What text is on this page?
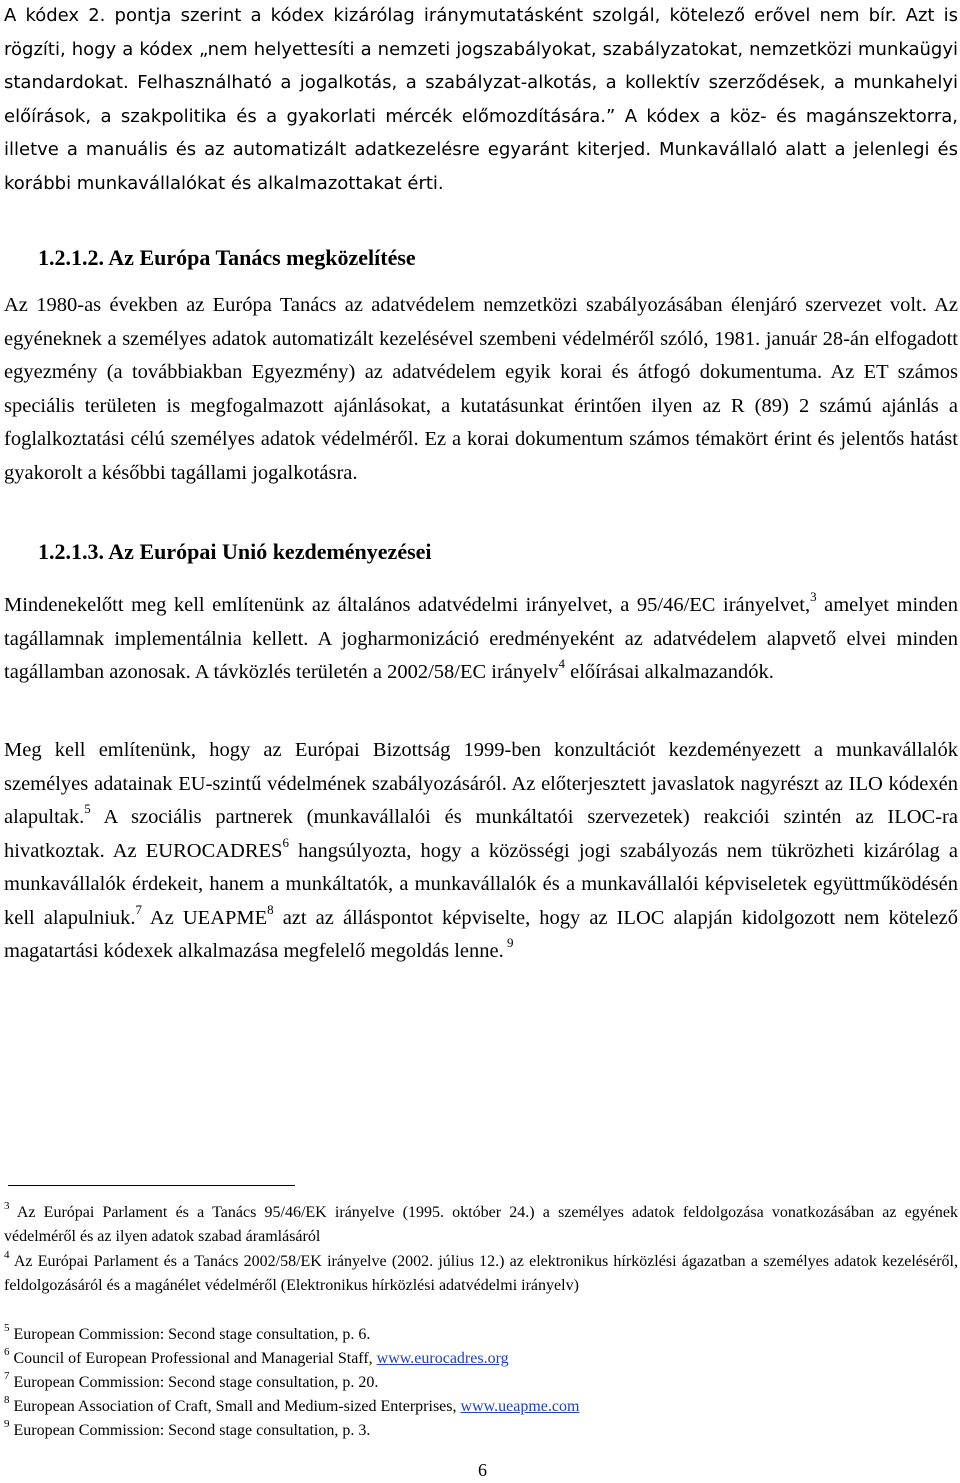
A kódex 2. pontja szerint a kódex kizárólag iránymutatásként szolgál, kötelező erővel nem bír. Azt is rögzíti, hogy a kódex „nem helyettesíti a nemzeti jogszabályokat, szabályzatokat, nemzetközi munkaügyi standardokat. Felhasználható a jogalkotás, a szabályzat-alkotás, a kollektív szerződések, a munkahelyi előírások, a szakpolitika és a gyakorlati mércék előmozdítására.” A kódex a köz- és magánszektorra, illetve a manuális és az automatizált adatkezelésre egyaránt kiterjed. Munkavállaló alatt a jelenlegi és korábbi munkavállalókat és alkalmazottakat érti.

1.2.1.2. Az Európa Tanács megközelítése

Az 1980-as években az Európa Tanács az adatvédelem nemzetközi szabályozásában élenjáró szervezet volt. Az egyéneknek a személyes adatok automatizált kezelésével szembeni védelméről szóló, 1981. január 28-án elfogadott egyezmény (a továbbiakban Egyezmény) az adatvédelem egyik korai és átfogó dokumentuma. Az ET számos speciális területen is megfogalmazott ajánlásokat, a kutatásunkat érintően ilyen az R (89) 2 számú ajánlás a foglalkoztatási célú személyes adatok védelméről. Ez a korai dokumentum számos témakört érint és jelentős hatást gyakorolt a későbbi tagállami jogalkotásra.

1.2.1.3. Az Európai Unió kezdeményezései

Mindenekelőtt meg kell említenünk az általános adatvédelmi irányelvet, a 95/46/EC irányelvet,$^3$ amelyet minden tagállamnak implementálnia kellett. A jogharmonizáció eredményeként az adatvédelem alapvető elvei minden tagállamban azonosak. A távközlés területén a 2002/58/EC irányelv$^4$ előírásai alkalmazandók.

Meg kell említenünk, hogy az Európai Bizottság 1999-ben konzultációt kezdeményezett a munkavállalók személyes adatainak EU-szintű védelmének szabályozásáról. Az előterjesztett javaslatok nagyrészt az ILO kódexén alapultak.$^5$ A szociális partnerek (munkavállalói és munkáltatói szervezetek) reakciói szintén az ILOC-ra hivatkoztak. Az EUROCADRES$^6$ hangsúlyozta, hogy a közösségi jogi szabályozás nem tükrözheti kizárólag a munkavállalók érdekeit, hanem a munkáltatók, a munkavállalók és a munkavállalói képviseletek együttműködésén kell alapulniuk.$^7$ Az UEAPME$^8$ azt az álláspontot képviselte, hogy az ILOC alapján kidolgozott nem kötelező magatartási kódexek alkalmazása megfelelő megoldás lenne. $^9$

$^3$ Az Európai Parlament és a Tanács 95/46/EK irányelve (1995. október 24.) a személyes adatok feldolgozása vonatkozásában az egyének védelméről és az ilyen adatok szabad áramlásáról

$^4$ Az Európai Parlament és a Tanács 2002/58/EK irányelve (2002. július 12.) az elektronikus hírközlési ágazatban a személyes adatok kezeléséről, feldolgozásáról és a magánélet védelméről (Elektronikus hírközlési adatvédelmi irányelv)

$^5$ European Commission: Second stage consultation, p. 6.

$^6$ Council of European Professional and Managerial Staff, www.eurocadres.org

$^7$ European Commission: Second stage consultation, p. 20.

$^8$ European Association of Craft, Small and Medium-sized Enterprises, www.ueapme.com

$^9$ European Commission: Second stage consultation, p. 3.

6
